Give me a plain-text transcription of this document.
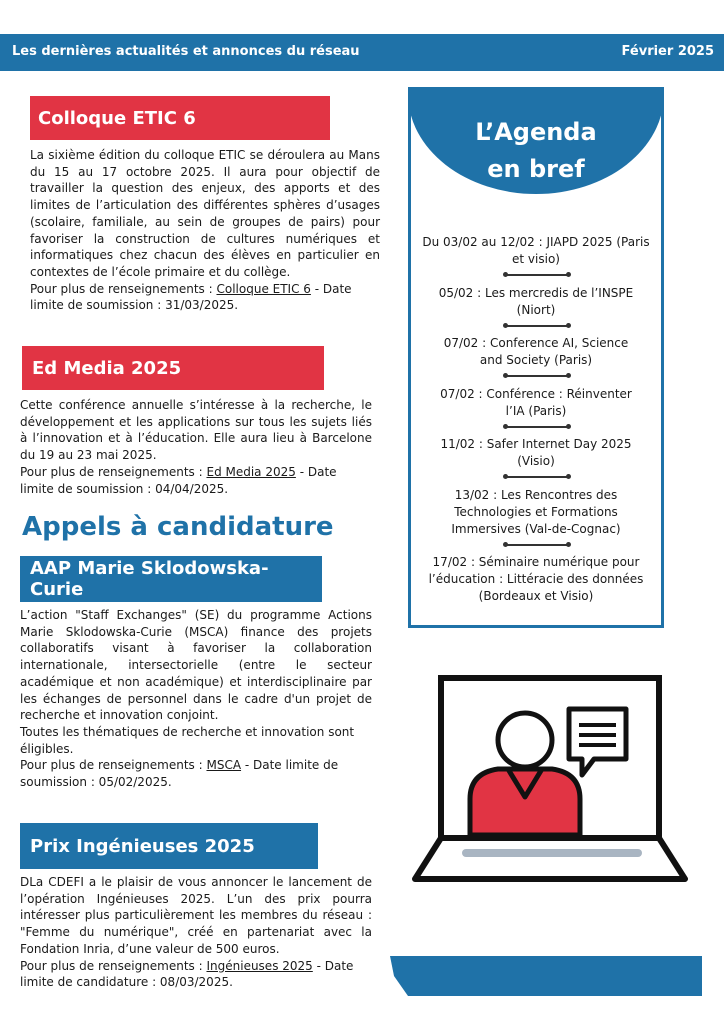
Les dernières actualités et annonces du réseau	Février 2025
Colloque ETIC 6

La sixième édition du colloque ETIC se déroulera au Mans du 15 au 17 octobre 2025. Il aura pour objectif de travailler la question des enjeux, des apports et des limites de l’articulation des différentes sphères d’usages (scolaire, familiale, au sein de groupes de pairs) pour favoriser la construction de cultures numériques et informatiques chez chacun des élèves en particulier en contextes de l’école primaire et du collège.

Pour plus de renseignements : Colloque ETIC 6 - Date limite de soumission : 31/03/2025.

Ed Media 2025

Cette conférence annuelle s’intéresse à la recherche, le développement et les applications sur tous les sujets liés à l’innovation et à l’éducation. Elle aura lieu à Barcelone du 19 au 23 mai 2025.

Pour plus de renseignements : Ed Media 2025 - Date limite de soumission : 04/04/2025.

Appels à candidature
AAP Marie Sklodowska-
Curie

L’action "Staff Exchanges" (SE) du programme Actions Marie Sklodowska-Curie (MSCA) finance des projets collaboratifs visant à favoriser la collaboration internationale, intersectorielle (entre le secteur académique et non académique) et interdisciplinaire par les échanges de personnel dans le cadre d'un projet de recherche et innovation conjoint.

Toutes les thématiques de recherche et innovation sont éligibles.

Pour plus de renseignements : MSCA - Date limite de soumission : 05/02/2025.

Prix Ingénieuses 2025

DLa CDEFI a le plaisir de vous annoncer le lancement de l’opération Ingénieuses 2025. L’un des prix pourra intéresser plus particulièrement les membres du réseau : "Femme du numérique", créé en partenariat avec la Fondation Inria, d’une valeur de 500 euros.

Pour plus de renseignements : Ingénieuses 2025 - Date limite de candidature : 08/03/2025.

L’Agenda
en bref
Du 03/02 au 12/02 : JIAPD 2025 (Paris et visio)
05/02 : Les mercredis de l’INSPE (Niort)
07/02 : Conference AI, Science and Society (Paris)
07/02 : Conférence : Réinventer l’IA (Paris)
11/02 : Safer Internet Day 2025 (Visio)
13/02 : Les Rencontres des Technologies et Formations Immersives (Val-de-Cognac)
17/02 : Séminaire numérique pour l’éducation : Littéracie des données (Bordeaux et Visio)
